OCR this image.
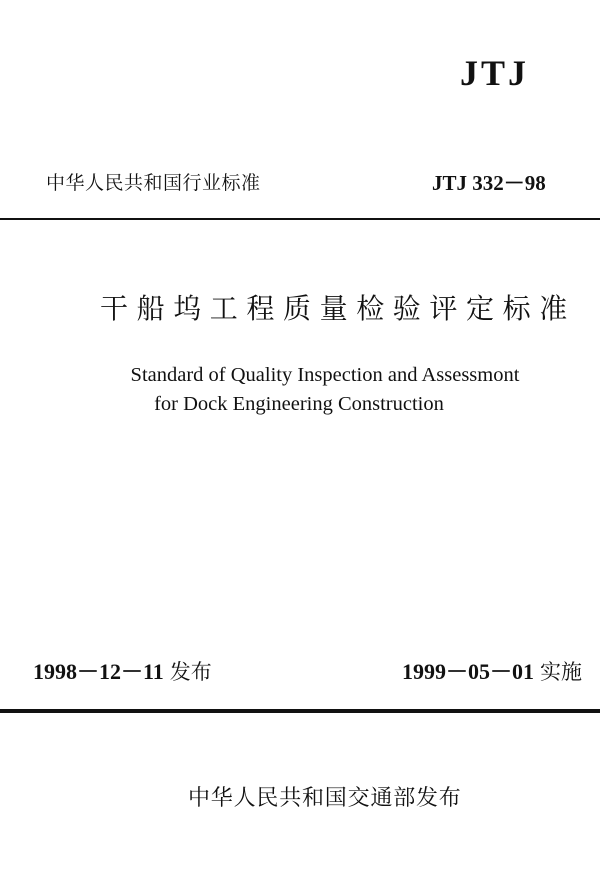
JTJ
中华人民共和国行业标准	JTJ 332－98
干船坞工程质量检验评定标准
Standard of Quality Inspection and Assessmont
for Dock Engineering Construction
1998－12－11 发布	1999－05－01 实施
中华人民共和国交通部发布
